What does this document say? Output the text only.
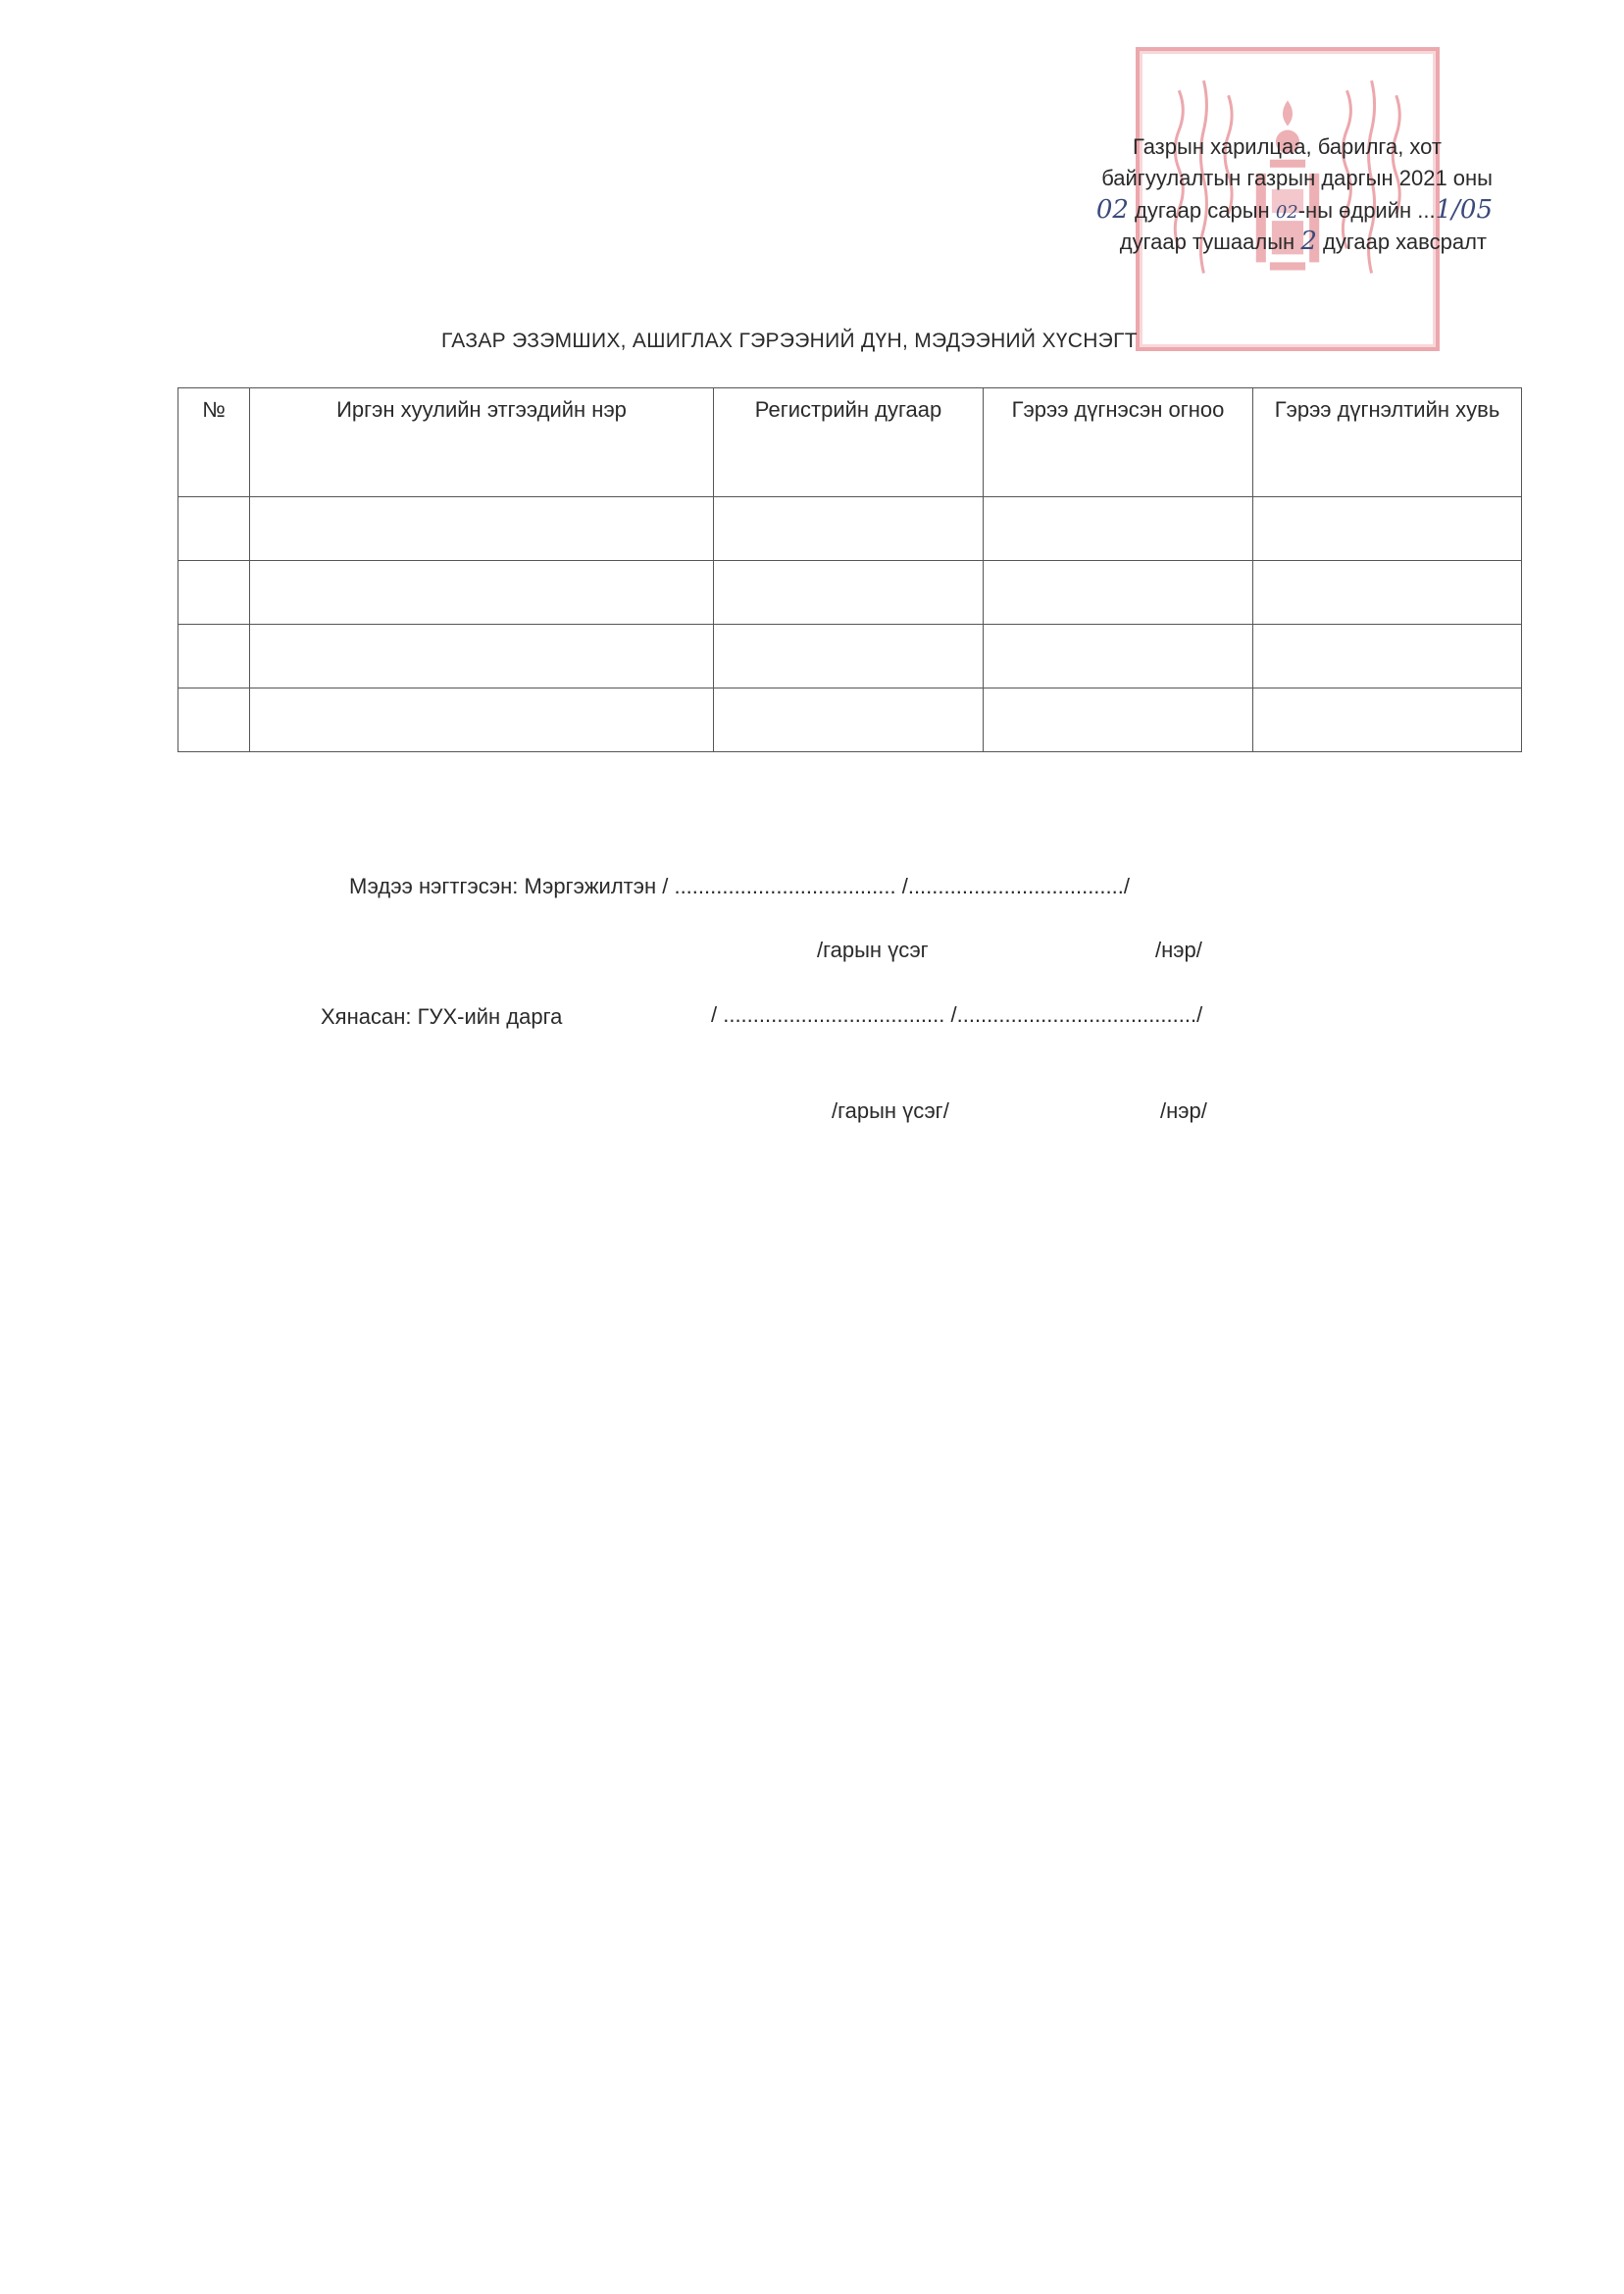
Газрын харилцаа, барилга, хот
байгуулалтын газрын даргын 2021 оны
02 дугаар сарын 02-ны өдрийн ...1/05
дугаар тушаалын 2 дугаар хавсралт
ГАЗАР ЭЗЭМШИХ, АШИГЛАХ ГЭРЭЭНИЙ ДҮН, МЭДЭЭНИЙ ХҮСНЭГТ
№	Иргэн хуулийн этгээдийн нэр	Регистрийн дугаар	Гэрээ дүгнэсэн огноо	Гэрээ дүгнэлтийн хувь

Мэдээ нэгтгэсэн: Мэргэжилтэн / ..................................... /..................................../
/гарын үсэг	/нэр/
Хянасан: ГУХ-ийн дарга	/ ..................................... /......................................../
/гарын үсэг/	/нэр/
